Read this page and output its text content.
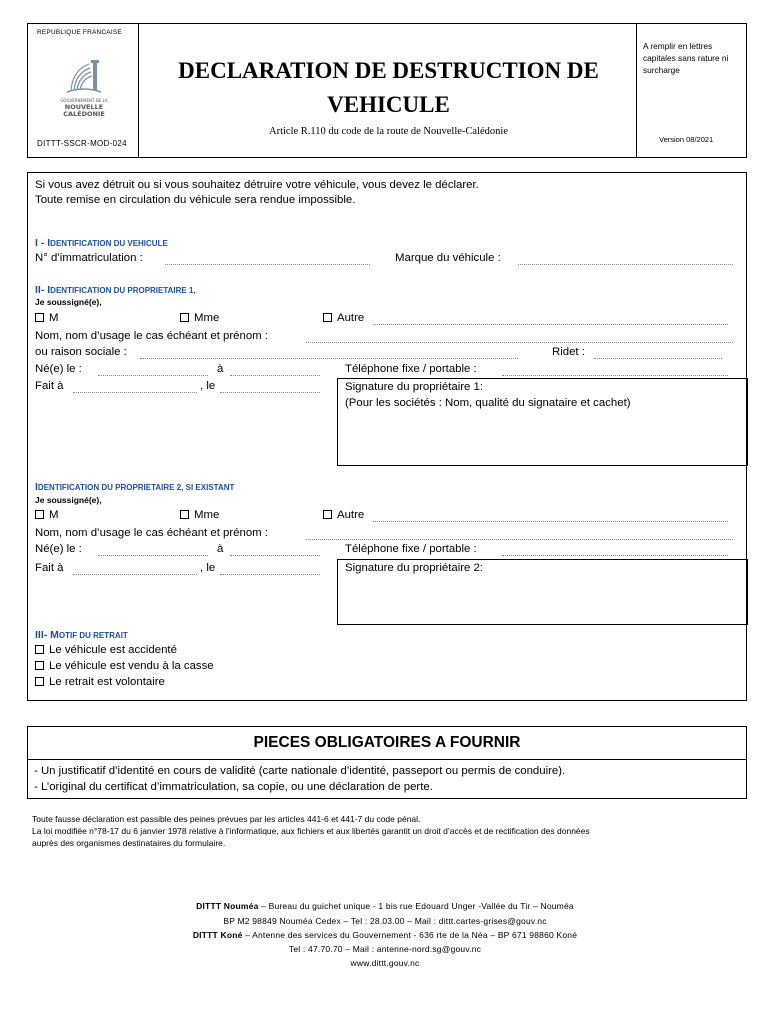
REPUBLIQUE FRANCAISE
GOUVERNEMENT DE LA
NOUVELLE
CALÉDONIE
DITTT-SSCR-MOD-024
DECLARATION DE DESTRUCTION DE
VEHICULE
Article R.110 du code de la route de Nouvelle-Calédonie
A remplir en lettres capitales sans rature ni surcharge
Version 08/2021
Si vous avez détruit ou si vous souhaitez détruire votre véhicule, vous devez le déclarer.
Toute remise en circulation du véhicule sera rendue impossible.
I - IDENTIFICATION DU VEHICULE
N° d’immatriculation :	Marque du véhicule :
II- IDENTIFICATION DU PROPRIETAIRE 1,
Je soussigné(e),
M	Mme	Autre
Nom, nom d’usage le cas échéant et prénom :
ou raison sociale :	Ridet :
Né(e) le :	à	Téléphone fixe / portable :
Fait à	, le	Signature du propriétaire 1:
(Pour les sociétés : Nom, qualité du signataire et cachet)
IDENTIFICATION DU PROPRIETAIRE 2, SI EXISTANT
Je soussigné(e),
M	Mme	Autre
Nom, nom d’usage le cas échéant et prénom :
Né(e) le :	à	Téléphone fixe / portable :
Fait à	, le	Signature du propriétaire 2:
III- MOTIF DU RETRAIT
Le véhicule est accidenté
Le véhicule est vendu à la casse
Le retrait est volontaire
PIECES OBLIGATOIRES A FOURNIR
- Un justificatif d’identité en cours de validité (carte nationale d’identité, passeport ou permis de conduire).
- L’original du certificat d’immatriculation, sa copie, ou une déclaration de perte.
Toute fausse déclaration est passible des peines prévues par les articles 441-6 et 441-7 du code pénal.
La loi modifiée n°78-17 du 6 janvier 1978 relative à l’informatique, aux fichiers et aux libertés garantit un droit d’accès et de rectification des données
auprès des organismes destinataires du formulaire.
DITTT Nouméa – Bureau du guichet unique - 1 bis rue Edouard Unger -Vallée du Tir – Nouméa
BP M2 98849 Nouméa Cedex – Tel : 28.03.00 – Mail : dittt.cartes-grises@gouv.nc
DITTT Koné – Antenne des services du Gouvernement - 636 rte de la Néa – BP 671 98860 Koné
Tel : 47.70.70 – Mail : antenne-nord.sg@gouv.nc
www.dittt.gouv.nc
